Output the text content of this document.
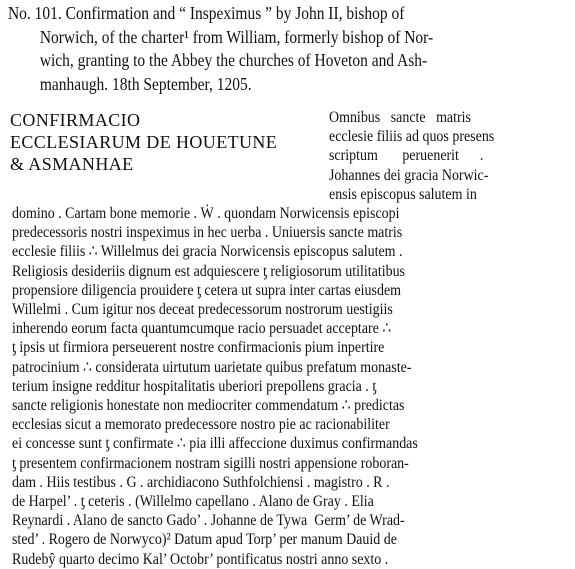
No. 101. Confirmation and “ Inspeximus ” by John II, bishop of
Norwich, of the charter¹ from William, formerly bishop of Nor-
wich, granting to the Abbey the churches of Hoveton and Ash-
manhaugh. 18th September, 1205.
CONFIRMACIO
ECCLESIARUM DE HOUETUNE
& ASMANHAE
Omnibus   sancte   matris
ecclesie filiis ad quos presens
scriptum       peruenerit      .
Johannes dei gracia Norwic-
ensis episcopus salutem in
domino . Cartam bone memorie . Ẇ . quondam Norwicensis episcopi
predecessoris nostri inspeximus in hec uerba . Uniuersis sancte matris
ecclesie filiis ∴ Willelmus dei gracia Norwicensis episcopus salutem .
Religiosis desideriis dignum est adquiescere ƫ religiosorum utilitatibus
propensiore diligencia prouidere ƫ cetera ut supra inter cartas eiusdem
Willelmi . Cum igitur nos deceat predecessorum nostrorum uestigiis
inherendo eorum facta quantumcumque racio persuadet acceptare ∴
ƫ ipsis ut firmiora perseuerent nostre confirmacionis pium inpertire
patrocinium ∴ considerata uirtutum uarietate quibus prefatum monaste-
terium insigne redditur hospitalitatis uberiori prepollens gracia . ƫ
sancte religionis honestate non mediocriter commendatum ∴ predictas
ecclesias sicut a memorato predecessore nostro pie ac racionabiliter
ei concesse sunt ƫ confirmate ∴ pia illi affeccione duximus confirmandas
ƫ presentem confirmacionem nostram sigilli nostri appensione roboran-
dam . Hiis testibus . G . archidiacono Suthfolchiensi . magistro . R .
de Harpel’ . ƫ ceteris . (Willelmo capellano . Alano de Gray . Elia
Reynardi . Alano de sancto Gado’ . Johanne de Tywa  Germ’ de Wrad-
sted’ . Rogero de Norwyco)² Datum apud Torp’ per manum Dauid de
Rudebŷ quarto decimo Kal’ Octobr’ pontificatus nostri anno sexto .
